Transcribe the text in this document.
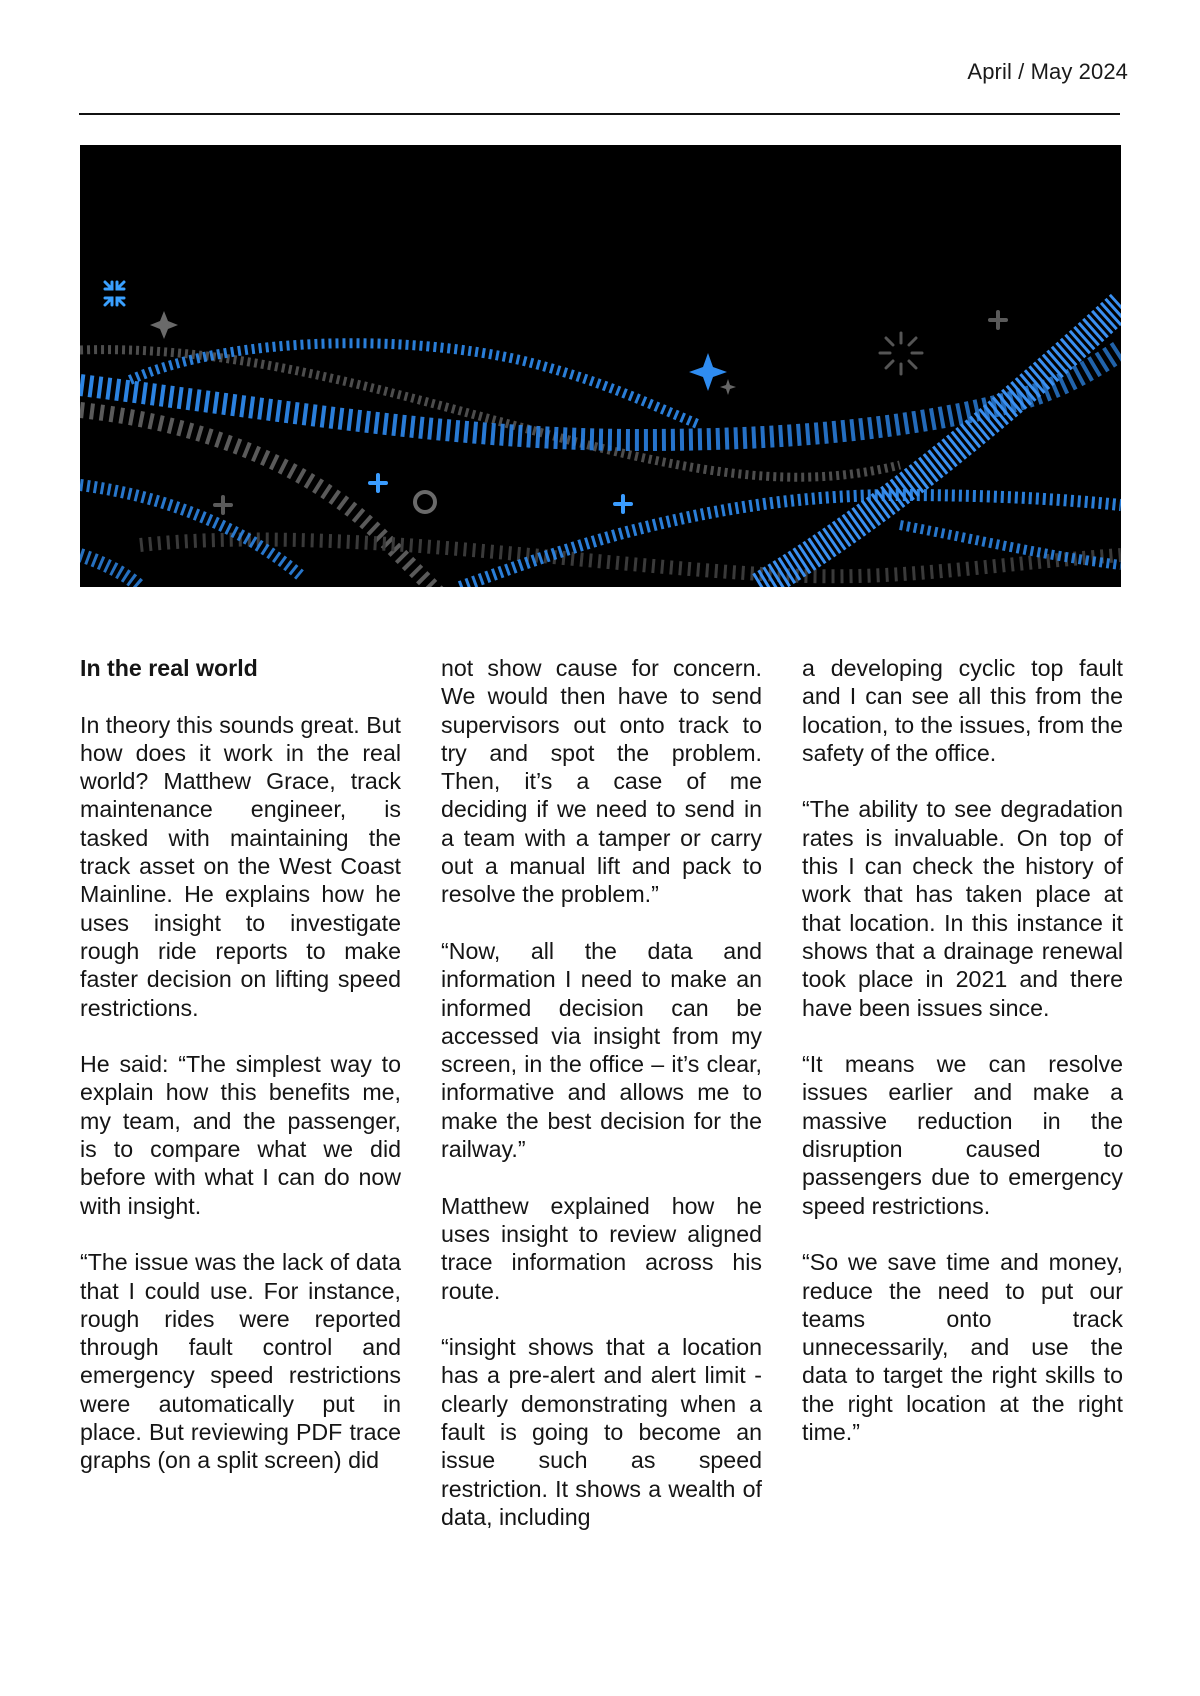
April / May 2024

In the real world

In theory this sounds great. But how does it work in the real world? Matthew Grace, track maintenance engineer, is tasked with maintaining the track asset on the West Coast Mainline. He explains how he uses insight to investigate rough ride reports to make faster decision on lifting speed restrictions.

He said: “The simplest way to explain how this benefits me, my team, and the passenger, is to compare what we did before with what I can do now with insight.

“The issue was the lack of data that I could use. For instance, rough rides were reported through fault control and emergency speed restrictions were automatically put in place. But reviewing PDF trace graphs (on a split screen) did

not show cause for concern. We would then have to send supervisors out onto track to try and spot the problem. Then, it’s a case of me deciding if we need to send in a team with a tamper or carry out a manual lift and pack to resolve the problem.”

“Now, all the data and information I need to make an informed decision can be accessed via insight from my screen, in the office – it’s clear, informative and allows me to make the best decision for the railway.”

Matthew explained how he uses insight to review aligned trace information across his route.

“insight shows that a location has a pre-alert and alert limit - clearly demonstrating when a fault is going to become an issue such as speed restriction. It shows a wealth of data, including

a developing cyclic top fault and I can see all this from the location, to the issues, from the safety of the office.

“The ability to see degradation rates is invaluable. On top of this I can check the history of work that has taken place at that location. In this instance it shows that a drainage renewal took place in 2021 and there have been issues since.

“It means we can resolve issues earlier and make a massive reduction in the disruption caused to passengers due to emergency speed restrictions.

“So we save time and money, reduce the need to put our teams onto track unnecessarily, and use the data to target the right skills to the right location at the right time.”
